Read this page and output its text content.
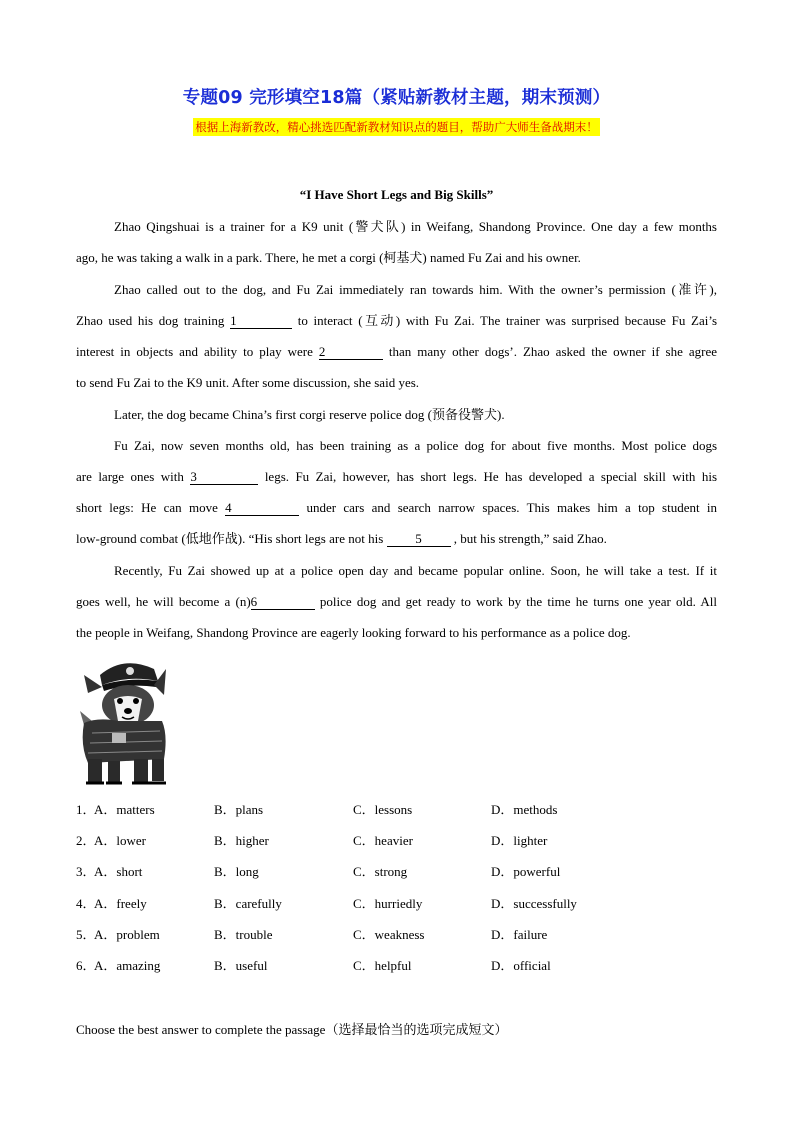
专题09 完形填空18篇（紧贴新教材主题，期末预测）
根据上海新教改，精心挑选匹配新教材知识点的题目，帮助广大师生备战期末！
“I Have Short Legs and Big Skills”
Zhao Qingshuai is a trainer for a K9 unit (警犬队) in Weifang, Shandong Province. One day a few months
ago, he was taking a walk in a park. There, he met a corgi (柯基犬) named Fu Zai and his owner.
Zhao called out to the dog, and Fu Zai immediately ran towards him. With the owner’s permission (准许),
Zhao used his dog training 1	to interact (互动) with Fu Zai. The trainer was surprised because Fu Zai’s
interest in objects and ability to play were 2	than many other dogs’. Zhao asked the owner if she agree
to send Fu Zai to the K9 unit. After some discussion, she said yes.
Later, the dog became China’s first corgi reserve police dog (预备役警犬).
Fu Zai, now seven months old, has been training as a police dog for about five months. Most police dogs
are large ones with 3	legs. Fu Zai, however, has short legs. He has developed a special skill with his
short legs: He can move 4	under cars and search narrow spaces. This makes him a top student in
low-ground combat (低地作战). “His short legs are not his 5 , but his strength,” said Zhao.
Recently, Fu Zai showed up at a police open day and became popular online. Soon, he will take a test. If it
goes well, he will become a (n)6	police dog and get ready to work by the time he turns one year old. All
the people in Weifang, Shandong Province are eagerly looking forward to his performance as a police dog.
1．
A．matters	B．plans	C．lessons	D．methods
2．
A．lower	B．higher	C．heavier	D．lighter
3．
A．short	B．long	C．strong	D．powerful
4．
A．freely	B．carefully	C．hurriedly	D．successfully
5．
A．problem	B．trouble	C．weakness	D．failure
6．
A．amazing	B．useful	C．helpful	D．official
Choose the best answer to complete the passage（选择最恰当的选项完成短文）
